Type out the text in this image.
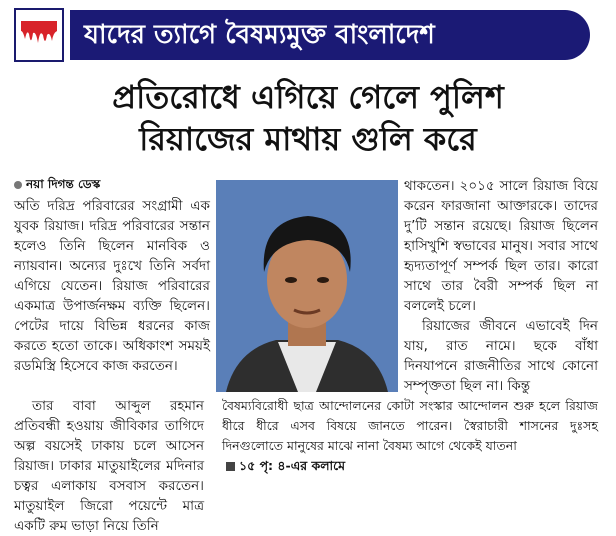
যাদের ত্যাগে বৈষম্যমুক্ত বাংলাদেশ
প্রতিরোধে এগিয়ে গেলে পুলিশ
রিয়াজের মাথায় গুলি করে
নয়া দিগন্ত ডেস্ক

অতি দরিদ্র পরিবারের সংগ্রামী এক যুবক রিয়াজ। দরিদ্র পরিবারের সন্তান হলেও তিনি ছিলেন মানবিক ও ন্যায়বান। অন্যের দুঃখে তিনি সর্বদা এগিয়ে যেতেন। রিয়াজ পরিবারের একমাত্র উপার্জনক্ষম ব্যক্তি ছিলেন। পেটের দায়ে বিভিন্ন ধরনের কাজ করতে হতো তাকে। অধিকাংশ সময়ই রডমিস্ত্রি হিসেবে কাজ করতেন।

থাকতেন। ২০১৫ সালে রিয়াজ বিয়ে করেন ফারজানা আক্তারকে। তাদের দু’টি সন্তান রয়েছে। রিয়াজ ছিলেন হাসিখুশি স্বভাবের মানুষ। সবার সাথে হৃদ্যতাপূর্ণ সম্পর্ক ছিল তার। কারো সাথে তার বৈরী সম্পর্ক ছিল না বললেই চলে।

রিয়াজের জীবনে এভাবেই দিন যায়, রাত নামে। ছকে বাঁধা দিনযাপনে রাজনীতির সাথে কোনো সম্পৃক্ততা ছিল না। কিন্তু

তার বাবা আব্দুল রহমান প্রতিবন্ধী হওয়ায় জীবিকার তাগিদে অল্প বয়সেই ঢাকায় চলে আসেন রিয়াজ। ঢাকার মাতুয়াইলের মদিনার চত্বর এলাকায় বসবাস করতেন। মাতুয়াইল জিরো পয়েন্টে মাত্র একটি রুম ভাড়া নিয়ে তিনি

বৈষম্যবিরোধী ছাত্র আন্দোলনের কোটা সংস্কার আন্দোলন শুরু হলে রিয়াজ ধীরে ধীরে এসব বিষয়ে জানতে পারেন। স্বৈরাচারী শাসনের দুঃসহ দিনগুলোতে মানুষের মাঝে নানা বৈষম্য আগে থেকেই যাতনা

১৫ পৃ: ৪-এর কলামে
